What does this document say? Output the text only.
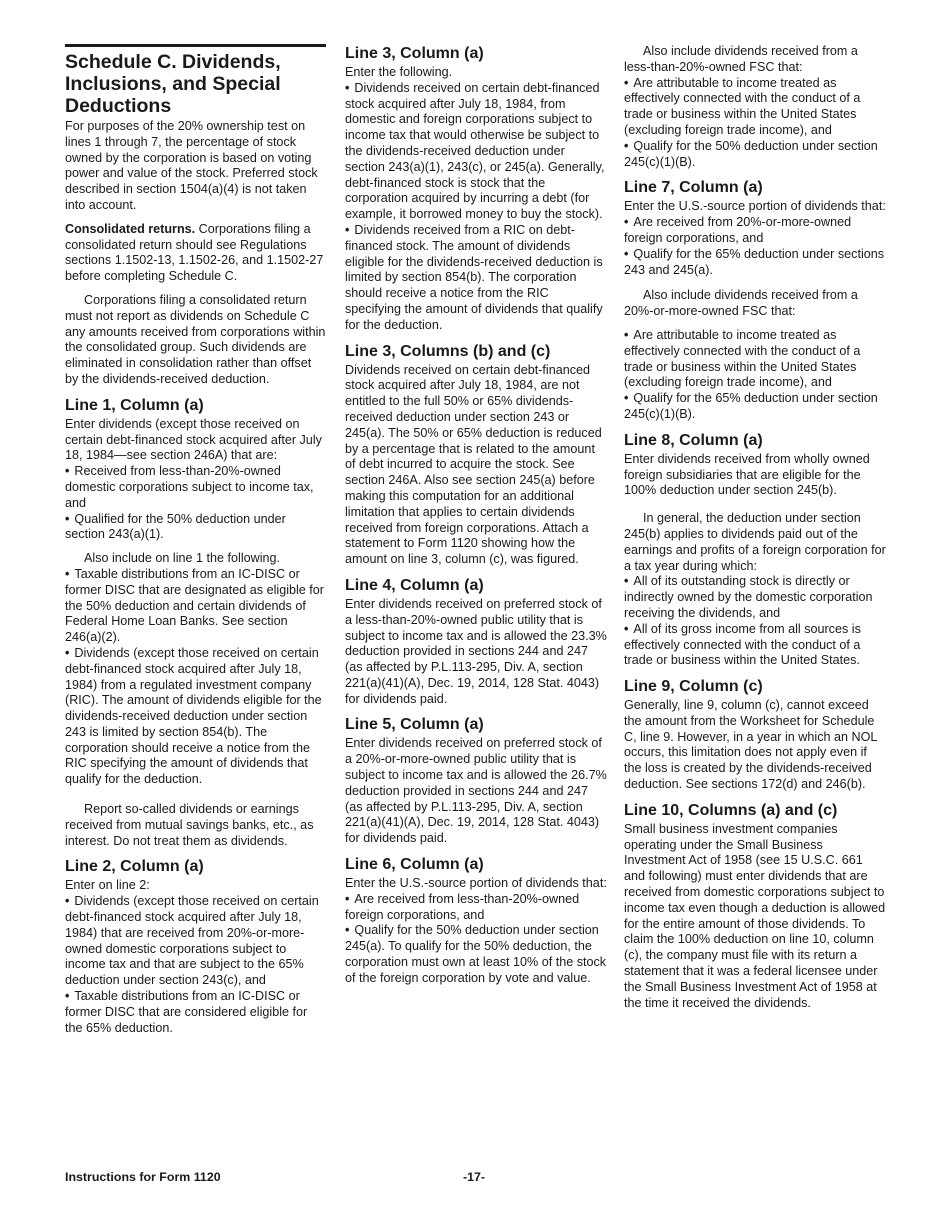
Schedule C. Dividends, Inclusions, and Special Deductions

For purposes of the 20% ownership test on lines 1 through 7, the percentage of stock owned by the corporation is based on voting power and value of the stock. Preferred stock described in section 1504(a)(4) is not taken into account.

Consolidated returns. Corporations filing a consolidated return should see Regulations sections 1.1502-13, 1.1502-26, and 1.1502-27 before completing Schedule C.

Corporations filing a consolidated return must not report as dividends on Schedule C any amounts received from corporations within the consolidated group. Such dividends are eliminated in consolidation rather than offset by the dividends-received deduction.

Line 1, Column (a)

Enter dividends (except those received on certain debt-financed stock acquired after July 18, 1984—see section 246A) that are:

• Received from less-than-20%-owned domestic corporations subject to income tax, and
• Qualified for the 50% deduction under section 243(a)(1).

Also include on line 1 the following.

• Taxable distributions from an IC-DISC or former DISC that are designated as eligible for the 50% deduction and certain dividends of Federal Home Loan Banks. See section 246(a)(2).
• Dividends (except those received on certain debt-financed stock acquired after July 18, 1984) from a regulated investment company (RIC). The amount of dividends eligible for the dividends-received deduction under section 243 is limited by section 854(b). The corporation should receive a notice from the RIC specifying the amount of dividends that qualify for the deduction.

Report so-called dividends or earnings received from mutual savings banks, etc., as interest. Do not treat them as dividends.

Line 2, Column (a)

Enter on line 2:

• Dividends (except those received on certain debt-financed stock acquired after July 18, 1984) that are received from 20%-or-more-owned domestic corporations subject to income tax and that are subject to the 65% deduction under section 243(c), and
• Taxable distributions from an IC-DISC or former DISC that are considered eligible for the 65% deduction.
Line 3, Column (a)

Enter the following.

• Dividends received on certain debt-financed stock acquired after July 18, 1984, from domestic and foreign corporations subject to income tax that would otherwise be subject to the dividends-received deduction under section 243(a)(1), 243(c), or 245(a). Generally, debt-financed stock is stock that the corporation acquired by incurring a debt (for example, it borrowed money to buy the stock).
• Dividends received from a RIC on debt-financed stock. The amount of dividends eligible for the dividends-received deduction is limited by section 854(b). The corporation should receive a notice from the RIC specifying the amount of dividends that qualify for the deduction.
Line 3, Columns (b) and (c)

Dividends received on certain debt-financed stock acquired after July 18, 1984, are not entitled to the full 50% or 65% dividends-received deduction under section 243 or 245(a). The 50% or 65% deduction is reduced by a percentage that is related to the amount of debt incurred to acquire the stock. See section 246A. Also see section 245(a) before making this computation for an additional limitation that applies to certain dividends received from foreign corporations. Attach a statement to Form 1120 showing how the amount on line 3, column (c), was figured.

Line 4, Column (a)

Enter dividends received on preferred stock of a less-than-20%-owned public utility that is subject to income tax and is allowed the 23.3% deduction provided in sections 244 and 247 (as affected by P.L.113-295, Div. A, section 221(a)(41)(A), Dec. 19, 2014, 128 Stat. 4043) for dividends paid.

Line 5, Column (a)

Enter dividends received on preferred stock of a 20%-or-more-owned public utility that is subject to income tax and is allowed the 26.7% deduction provided in sections 244 and 247 (as affected by P.L.113-295, Div. A, section 221(a)(41)(A), Dec. 19, 2014, 128 Stat. 4043) for dividends paid.

Line 6, Column (a)

Enter the U.S.-source portion of dividends that:

• Are received from less-than-20%-owned foreign corporations, and
• Qualify for the 50% deduction under section 245(a). To qualify for the 50% deduction, the corporation must own at least 10% of the stock of the foreign corporation by vote and value.

Also include dividends received from a less-than-20%-owned FSC that:

• Are attributable to income treated as effectively connected with the conduct of a trade or business within the United States (excluding foreign trade income), and
• Qualify for the 50% deduction under section 245(c)(1)(B).
Line 7, Column (a)

Enter the U.S.-source portion of dividends that:

• Are received from 20%-or-more-owned foreign corporations, and
• Qualify for the 65% deduction under sections 243 and 245(a).

Also include dividends received from a 20%-or-more-owned FSC that:

• Are attributable to income treated as effectively connected with the conduct of a trade or business within the United States (excluding foreign trade income), and
• Qualify for the 65% deduction under section 245(c)(1)(B).
Line 8, Column (a)

Enter dividends received from wholly owned foreign subsidiaries that are eligible for the 100% deduction under section 245(b).

In general, the deduction under section 245(b) applies to dividends paid out of the earnings and profits of a foreign corporation for a tax year during which:

• All of its outstanding stock is directly or indirectly owned by the domestic corporation receiving the dividends, and
• All of its gross income from all sources is effectively connected with the conduct of a trade or business within the United States.
Line 9, Column (c)

Generally, line 9, column (c), cannot exceed the amount from the Worksheet for Schedule C, line 9. However, in a year in which an NOL occurs, this limitation does not apply even if the loss is created by the dividends-received deduction. See sections 172(d) and 246(b).

Line 10, Columns (a) and (c)

Small business investment companies operating under the Small Business Investment Act of 1958 (see 15 U.S.C. 661 and following) must enter dividends that are received from domestic corporations subject to income tax even though a deduction is allowed for the entire amount of those dividends. To claim the 100% deduction on line 10, column (c), the company must file with its return a statement that it was a federal licensee under the Small Business Investment Act of 1958 at the time it received the dividends.

Instructions for Form 1120	-17-
